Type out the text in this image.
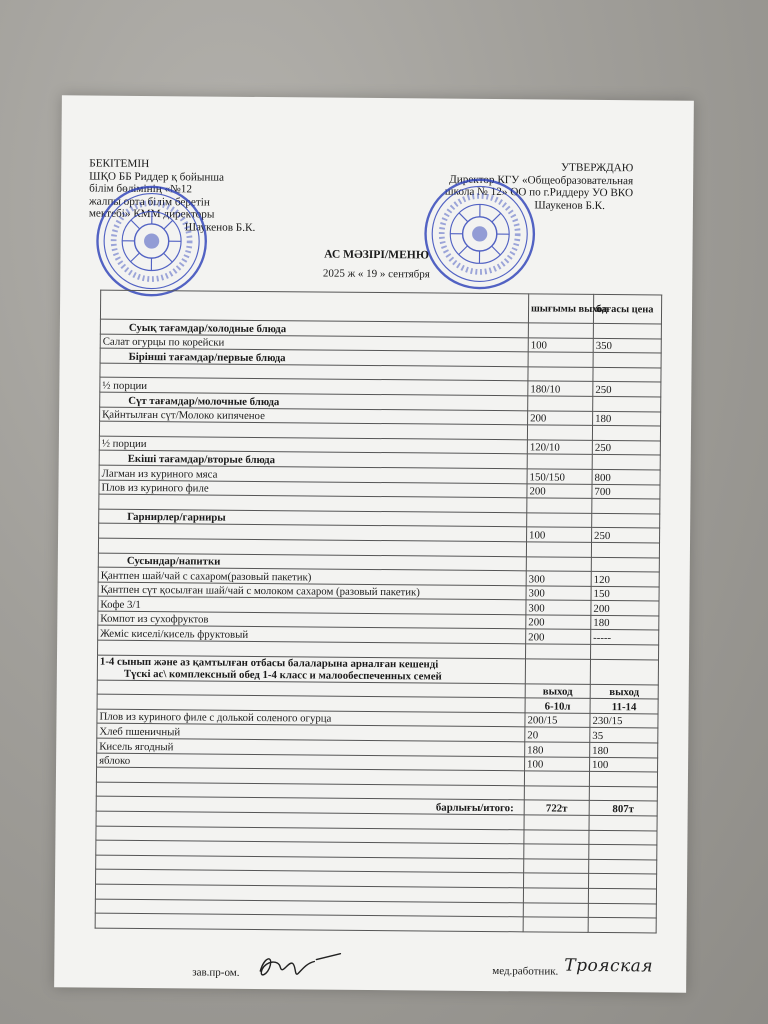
БЕКІТЕМІН
ШҚО ББ Риддер қ бойынша
білім бөлімінің «№12
жалпы орта білім беретін
мектебі» КММ директоры
Шаукенов Б.К.
УТВЕРЖДАЮ
Директор КГУ «Общеобразовательная
школа № 12» ОО по г.Риддеру УО ВКО
Шаукенов Б.К.
АС МӘЗІРІ/МЕНЮ
2025 ж « 19 » сентября
	шығымы выход	бағасы цена
Суық тағамдар/холодные блюда		
Салат огурцы по корейски	100	350
Бірінші тағамдар/первые блюда		

½ порции	180/10	250
Сүт тағамдар/молочные блюда		
Қайнтылған сүт/Молоко кипяченое	200	180

½ порции	120/10	250
Екіші тағамдар/вторые блюда		
Лагман из куриного мяса	150/150	800
Плов из куриного филе	200	700

Гарнирлер/гарниры		
	100	250

Сусындар/напитки		
Қантпен шай/чай с сахаром(разовый пакетик)	300	120
Қантпен сүт қосылған шай/чай с молоком сахаром (разовый пакетик)	300	150
Кофе 3/1	300	200
Компот из сухофруктов	200	180
Жеміс киселі/кисель фруктовый	200	-----

1-4 сынып және аз қамтылған отбасы балаларына арналған кешенді
Түскі ас\ комплексный обед 1-4 класс и малообеспеченных семей		

	выход	выход
	6-10л	11-14
Плов из куриного филе с долькой соленого огурца	200/15	230/15
Хлеб пшеничный	20	35
Кисель ягодный	180	180
яблоко	100	100

барлығы/итого:	722т	807т

зав.пр-ом.	мед.работник. Трояская
